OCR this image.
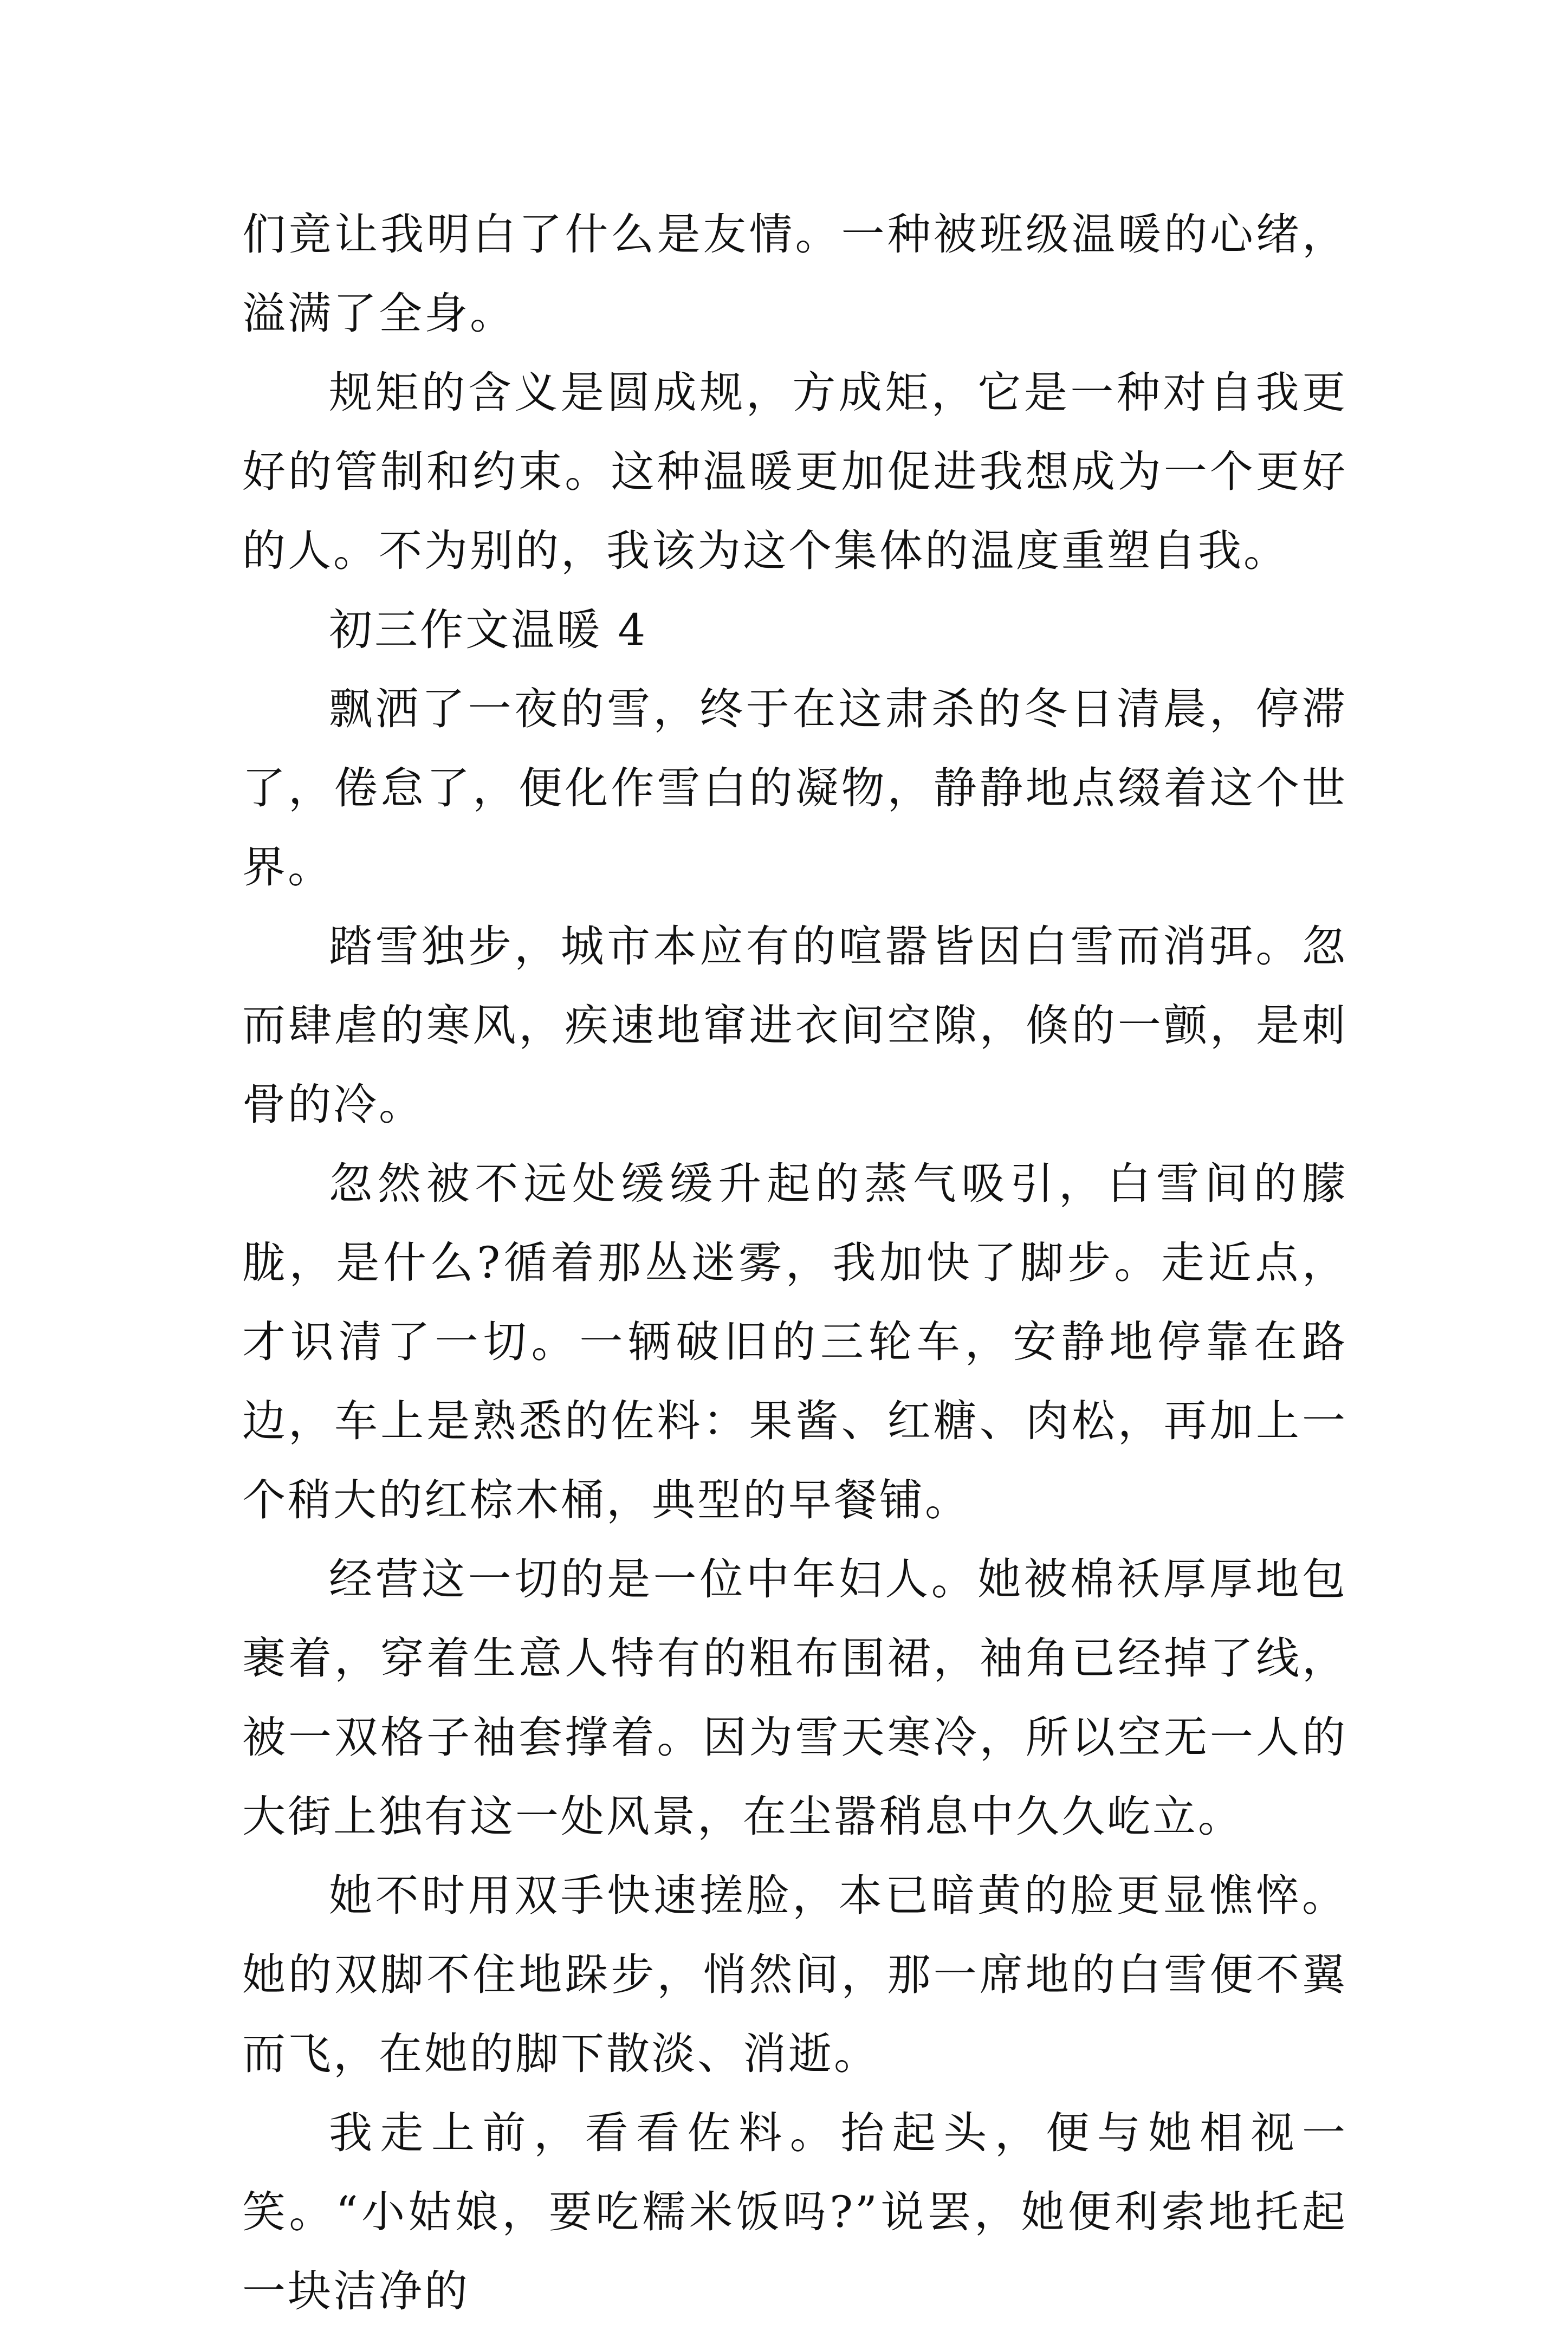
们竟让我明白了什么是友情。一种被班级温暖的心绪，溢满了全身。

规矩的含义是圆成规，方成矩，它是一种对自我更好的管制和约束。这种温暖更加促进我想成为一个更好的人。不为别的，我该为这个集体的温度重塑自我。

初三作文温暖 4

飘洒了一夜的雪，终于在这肃杀的冬日清晨，停滞了，倦怠了，便化作雪白的凝物，静静地点缀着这个世界。

踏雪独步，城市本应有的喧嚣皆因白雪而消弭。忽而肆虐的寒风，疾速地窜进衣间空隙，倏的一颤，是刺骨的冷。

忽然被不远处缓缓升起的蒸气吸引，白雪间的朦胧，是什么?循着那丛迷雾，我加快了脚步。走近点，才识清了一切。一辆破旧的三轮车，安静地停靠在路边，车上是熟悉的佐料：果酱、红糖、肉松，再加上一个稍大的红棕木桶，典型的早餐铺。

经营这一切的是一位中年妇人。她被棉袄厚厚地包裹着，穿着生意人特有的粗布围裙，袖角已经掉了线，被一双格子袖套撑着。因为雪天寒冷，所以空无一人的大街上独有这一处风景，在尘嚣稍息中久久屹立。

她不时用双手快速搓脸，本已暗黄的脸更显憔悴。她的双脚不住地跺步，悄然间，那一席地的白雪便不翼而飞，在她的脚下散淡、消逝。

我走上前，看看佐料。抬起头，便与她相视一笑。“小姑娘，要吃糯米饭吗?”说罢，她便利索地托起一块洁净的
